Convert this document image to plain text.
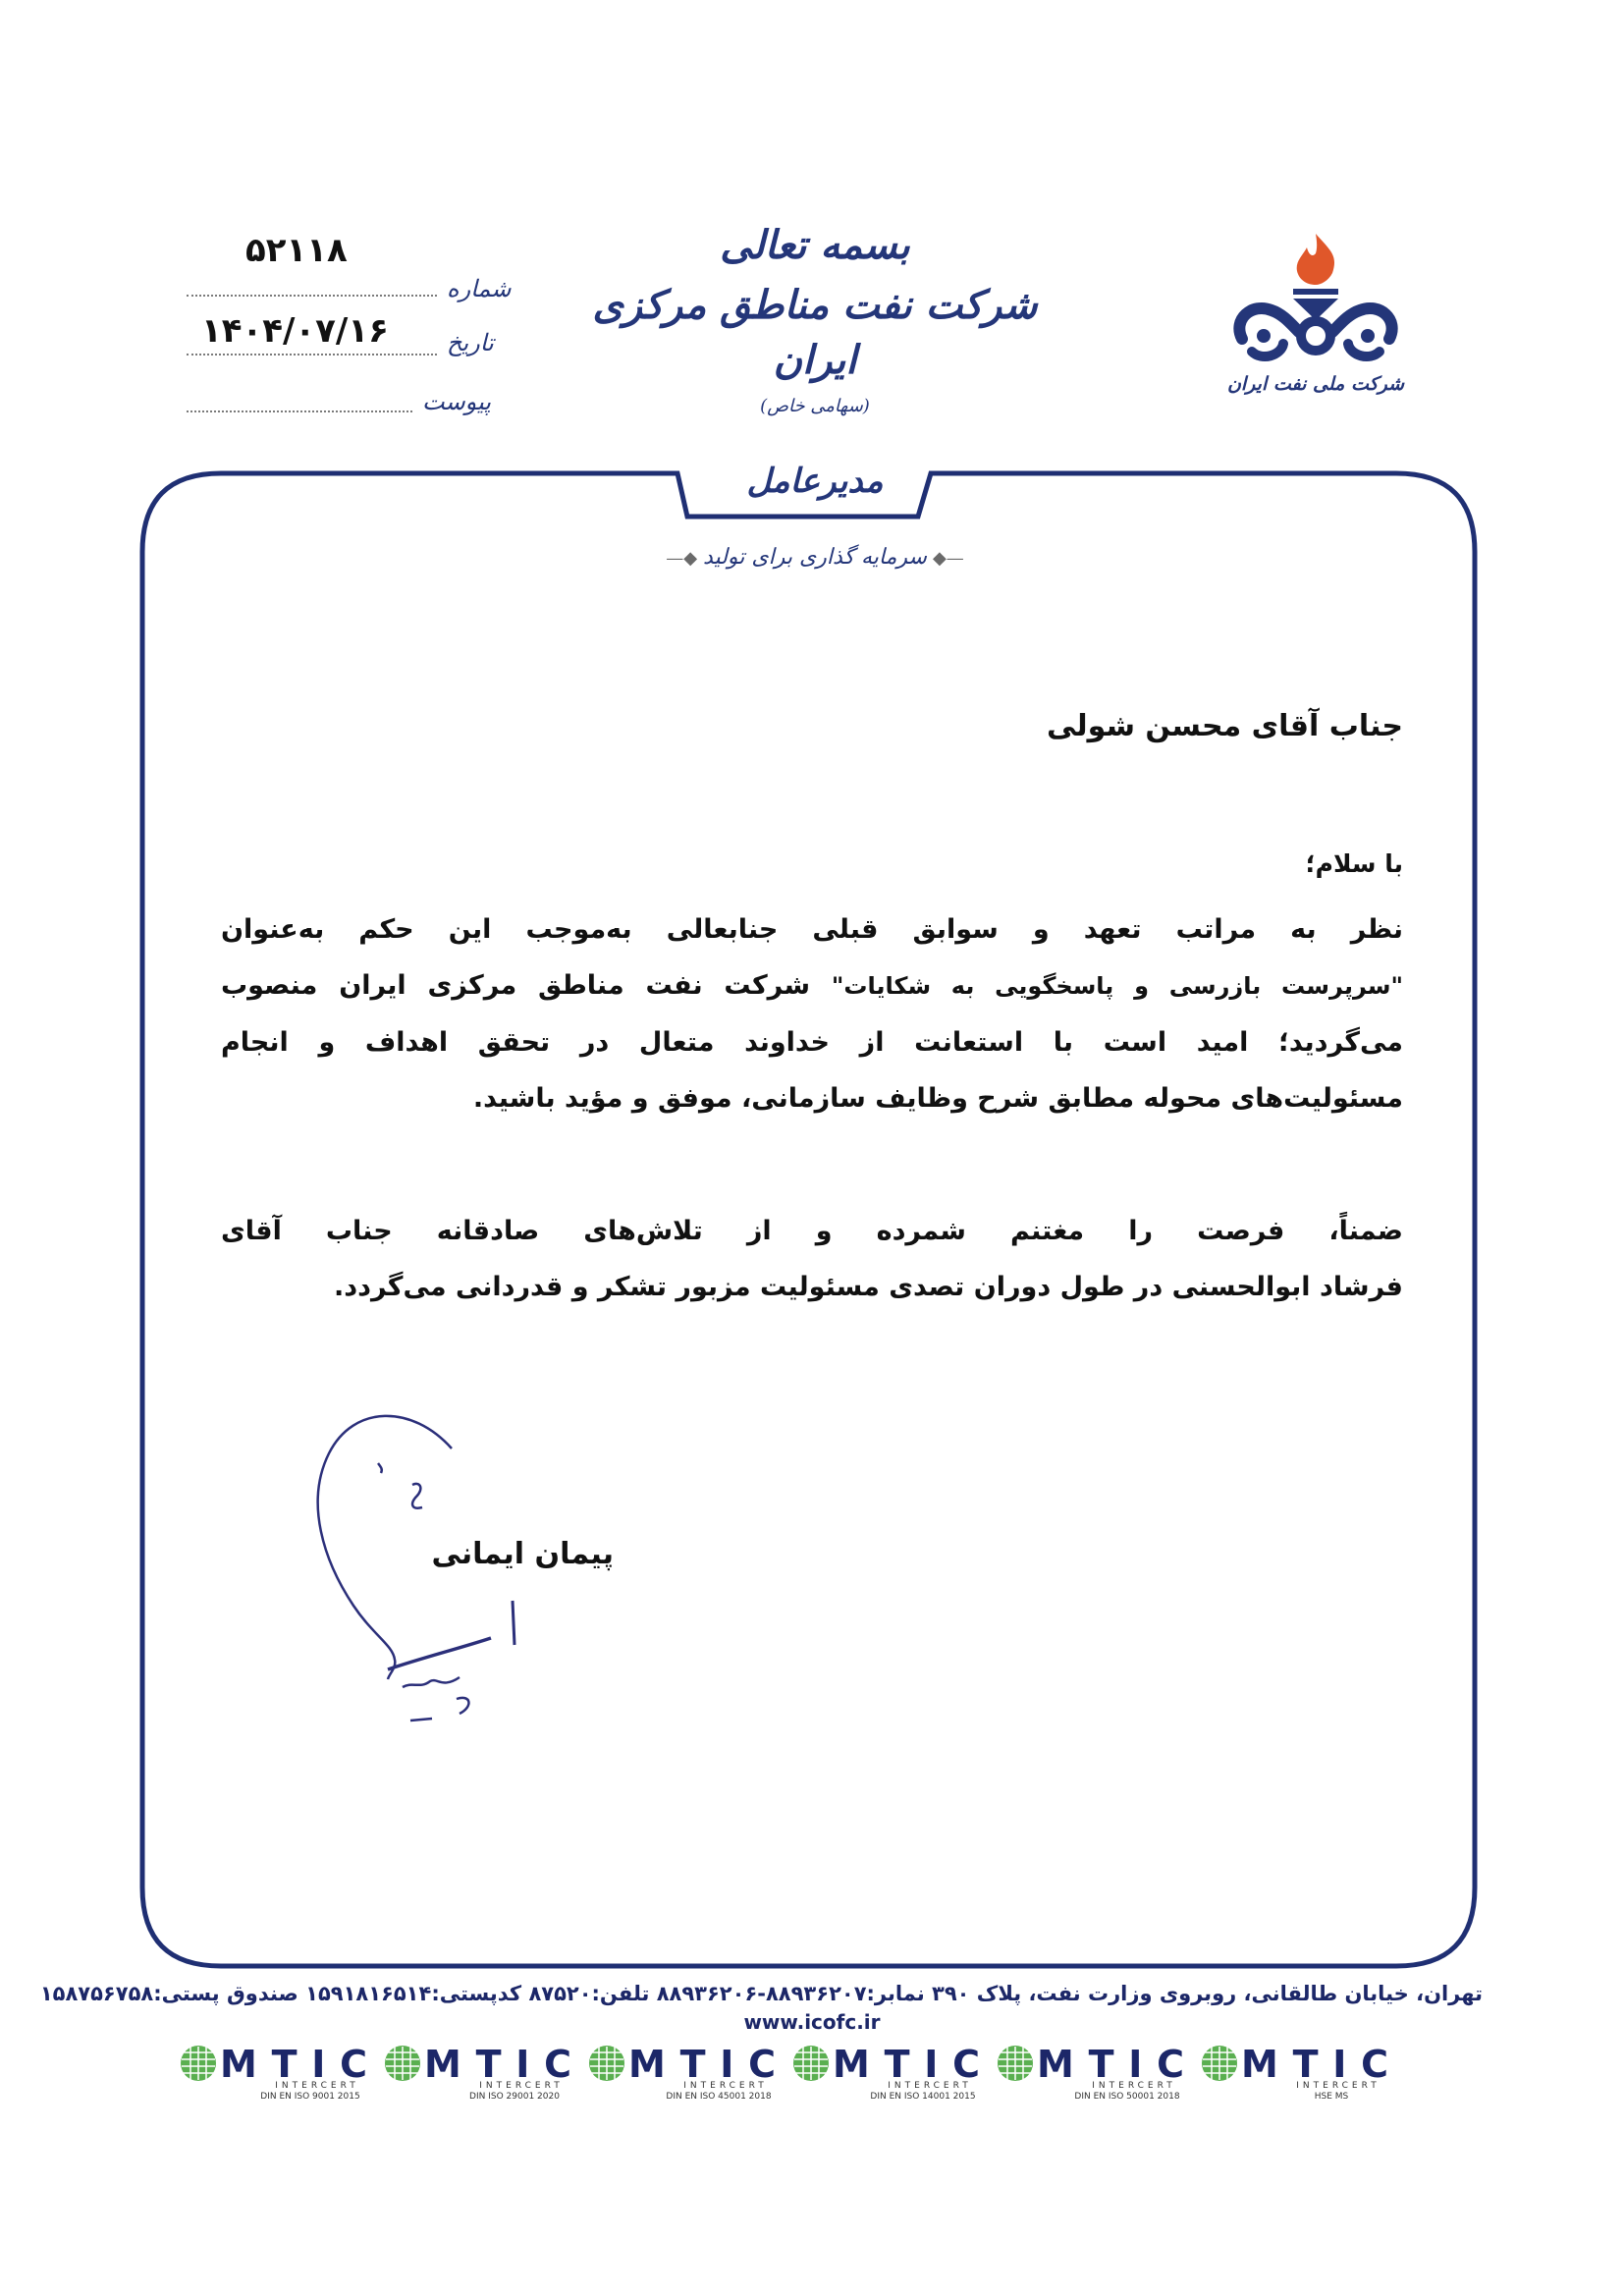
۵۲۱۱۸
شماره
۱۴۰۴/۰۷/۱۶ تاریخ
پیوست
بسمه تعالی
شرکت نفت مناطق مرکزی ایران
(سهامی خاص)
شرکت ملی نفت ایران
مدیرعامل
—◆سرمایه گذاری برای تولید◆—
جناب آقای محسن شولی
با سلام؛
نظر به مراتب تعهد و سوابق قبلی جنابعالی به‌موجب این حکم به‌عنوان
"سرپرست بازرسی و پاسخگویی به شکایات" شرکت نفت مناطق مرکزی ایران منصوب
می‌گردید؛ امید است با استعانت از خداوند متعال در تحقق اهداف و انجام
مسئولیت‌های محوله مطابق شرح وظایف سازمانی، موفق و مؤید باشید.
ضمناً، فرصت را مغتنم شمرده و از تلاش‌های صادقانه جناب آقای
فرشاد ابوالحسنی در طول دوران تصدی مسئولیت مزبور تشکر و قدردانی می‌گردد.
پیمان ایمانی
تهران، خیابان طالقانی، روبروی وزارت نفت، پلاک ۳۹۰ نمابر:۸۸۹۳۶۲۰۷-۸۸۹۳۶۲۰۶ تلفن:۸۷۵۲۰ کدپستی:۱۵۹۱۸۱۶۵۱۴ صندوق پستی:۱۵۸۷۵۶۷۵۸
www.icofc.ir
MTIC
INTERCERT
DIN EN ISO 9001 2015
MTIC
INTERCERT
DIN ISO 29001 2020
MTIC
INTERCERT
DIN EN ISO 45001 2018
MTIC
INTERCERT
DIN EN ISO 14001 2015
MTIC
INTERCERT
DIN EN ISO 50001 2018
MTIC
INTERCERT
HSE MS
